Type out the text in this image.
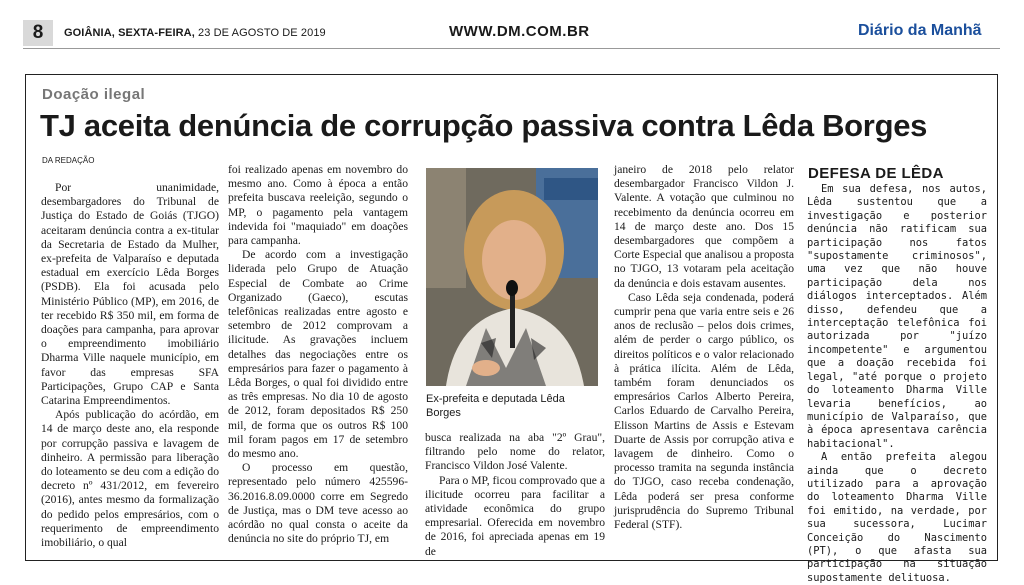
8	GOIÂNIA, SEXTA-FEIRA, 23 DE AGOSTO DE 2019	WWW.DM.COM.BR	Diário da Manhã
Doação ilegal
TJ aceita denúncia de corrupção passiva contra Lêda Borges
DA REDAÇÃO

Por unanimidade, desembargadores do Tribunal de Justiça do Estado de Goiás (TJGO) aceitaram denúncia contra a ex-titular da Secretaria de Estado da Mulher, ex-prefeita de Valparaíso e deputada estadual em exercício Lêda Borges (PSDB). Ela foi acusada pelo Ministério Público (MP), em 2016, de ter recebido R$ 350 mil, em forma de doações para campanha, para aprovar o empreendimento imobiliário Dharma Ville naquele município, em favor das empresas SFA Participações, Grupo CAP e Santa Catarina Empreendimentos.

Após publicação do acórdão, em 14 de março deste ano, ela responde por corrupção passiva e lavagem de dinheiro. A permissão para liberação do loteamento se deu com a edição do decreto nº 431/2012, em fevereiro (2016), antes mesmo da formalização do pedido pelos empresários, com o requerimento de empreendimento imobiliário, o qual

foi realizado apenas em novembro do mesmo ano. Como à época a então prefeita buscava reeleição, segundo o MP, o pagamento pela vantagem indevida foi "maquiado" em doações para campanha.

De acordo com a investigação liderada pelo Grupo de Atuação Especial de Combate ao Crime Organizado (Gaeco), escutas telefônicas realizadas entre agosto e setembro de 2012 comprovam a ilicitude. As gravações incluem detalhes das negociações entre os empresários para fazer o pagamento à Lêda Borges, o qual foi dividido entre as três empresas. No dia 10 de agosto de 2012, foram depositados R$ 250 mil, de forma que os outros R$ 100 mil foram pagos em 17 de setembro do mesmo ano.

O processo em questão, representado pelo número 425596-36.2016.8.09.0000 corre em Segredo de Justiça, mas o DM teve acesso ao acórdão no qual consta o aceite da denúncia no site do próprio TJ, em

Ex-prefeita e deputada Lêda Borges

busca realizada na aba "2º Grau", filtrando pelo nome do relator, Francisco Vildon José Valente.

Para o MP, ficou comprovado que a ilicitude ocorreu para facilitar a atividade econômica do grupo empresarial. Oferecida em novembro de 2016, foi apreciada apenas em 19 de

janeiro de 2018 pelo relator desembargador Francisco Vildon J. Valente. A votação que culminou no recebimento da denúncia ocorreu em 14 de março deste ano. Dos 15 desembargadores que compõem a Corte Especial que analisou a proposta no TJGO, 13 votaram pela aceitação da denúncia e dois estavam ausentes.

Caso Lêda seja condenada, poderá cumprir pena que varia entre seis e 26 anos de reclusão – pelos dois crimes, além de perder o cargo público, os direitos políticos e o valor relacionado à prática ilícita. Além de Lêda, também foram denunciados os empresários Carlos Alberto Pereira, Carlos Eduardo de Carvalho Pereira, Elisson Martins de Assis e Estevam Duarte de Assis por corrupção ativa e lavagem de dinheiro. Como o processo tramita na segunda instância do TJGO, caso receba condenação, Lêda poderá ser presa conforme jurisprudência do Supremo Tribunal Federal (STF).

DEFESA DE LÊDA

Em sua defesa, nos autos, Lêda sustentou que a investigação e posterior denúncia não ratificam sua participação nos fatos "supostamente criminosos", uma vez que não houve participação dela nos diálogos interceptados. Além disso, defendeu que a interceptação telefônica foi autorizada por "juízo incompetente" e argumentou que a doação recebida foi legal, "até porque o projeto do loteamento Dharma Ville levaria benefícios, ao município de Valparaíso, que à época apresentava carência habitacional".

A então prefeita alegou ainda que o decreto utilizado para a aprovação do loteamento Dharma Ville foi emitido, na verdade, por sua sucessora, Lucimar Conceição do Nascimento (PT), o que afasta sua participação na situação supostamente delituosa.
